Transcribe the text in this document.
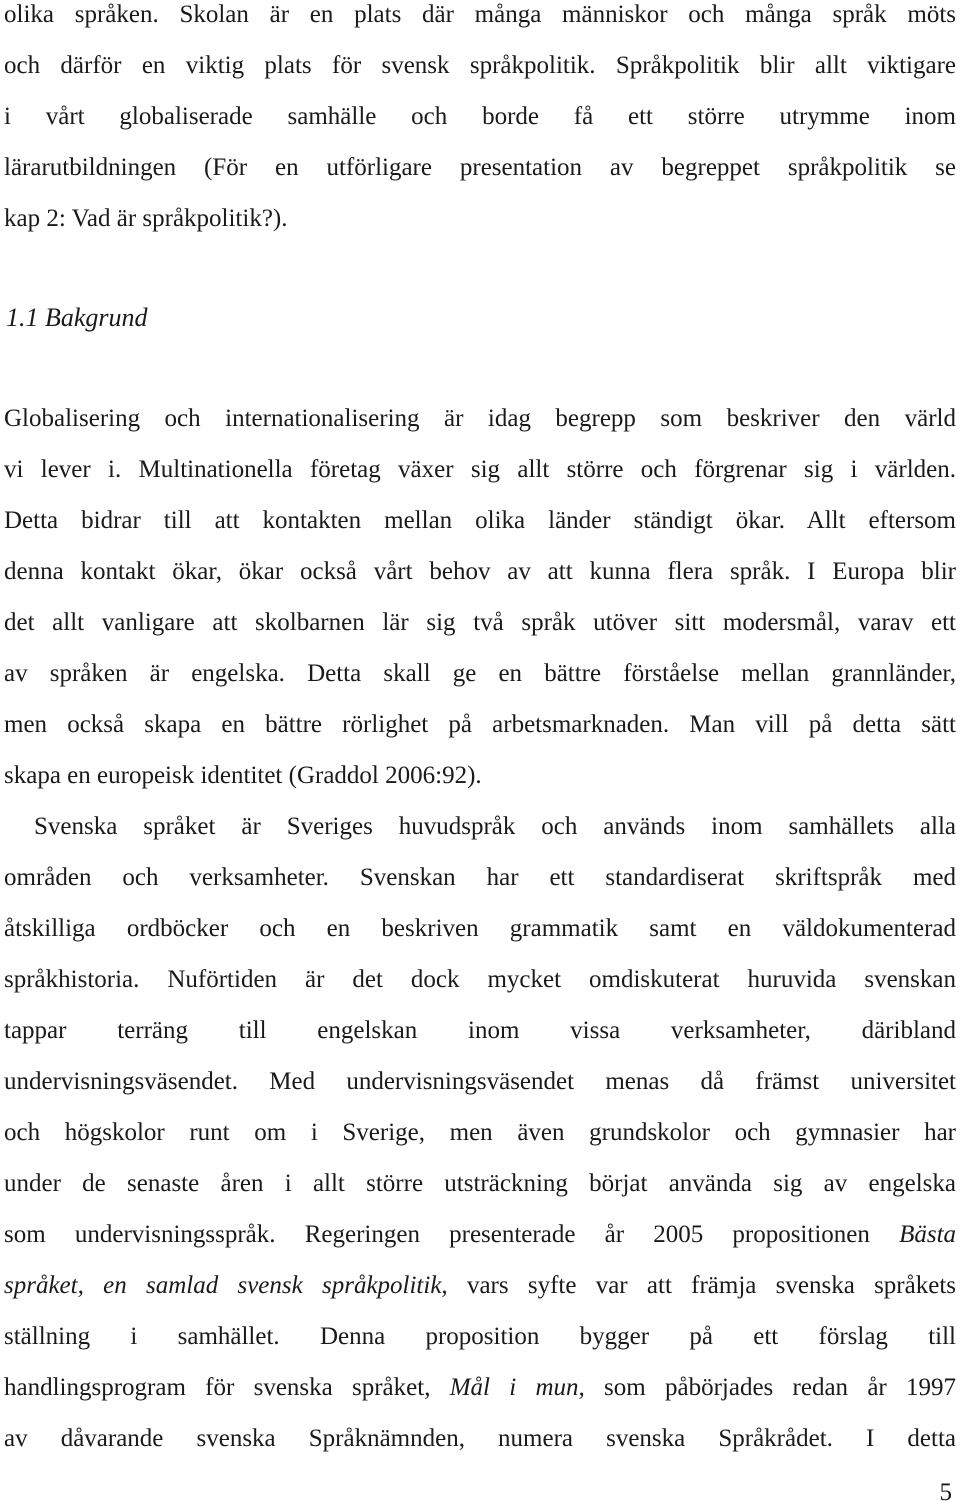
olika språken. Skolan är en plats där många människor och många språk möts
och därför en viktig plats för svensk språkpolitik. Språkpolitik blir allt viktigare
i vårt globaliserade samhälle och borde få ett större utrymme inom
lärarutbildningen (För en utförligare presentation av begreppet språkpolitik se
kap 2: Vad är språkpolitik?).
1.1 Bakgrund
Globalisering och internationalisering är idag begrepp som beskriver den värld
vi lever i. Multinationella företag växer sig allt större och förgrenar sig i världen.
Detta bidrar till att kontakten mellan olika länder ständigt ökar. Allt eftersom
denna kontakt ökar, ökar också vårt behov av att kunna flera språk. I Europa blir
det allt vanligare att skolbarnen lär sig två språk utöver sitt modersmål, varav ett
av språken är engelska. Detta skall ge en bättre förståelse mellan grannländer,
men också skapa en bättre rörlighet på arbetsmarknaden. Man vill på detta sätt
skapa en europeisk identitet (Graddol 2006:92).
Svenska språket är Sveriges huvudspråk och används inom samhällets alla
områden och verksamheter. Svenskan har ett standardiserat skriftspråk med
åtskilliga ordböcker och en beskriven grammatik samt en väldokumenterad
språkhistoria. Nuförtiden är det dock mycket omdiskuterat huruvida svenskan
tappar terräng till engelskan inom vissa verksamheter, däribland
undervisningsväsendet. Med undervisningsväsendet menas då främst universitet
och högskolor runt om i Sverige, men även grundskolor och gymnasier har
under de senaste åren i allt större utsträckning börjat använda sig av engelska
som undervisningsspråk. Regeringen presenterade år 2005 propositionen Bästa
språket, en samlad svensk språkpolitik, vars syfte var att främja svenska språkets
ställning i samhället. Denna proposition bygger på ett förslag till
handlingsprogram för svenska språket, Mål i mun, som påbörjades redan år 1997
av dåvarande svenska Språknämnden, numera svenska Språkrådet. I detta
5
